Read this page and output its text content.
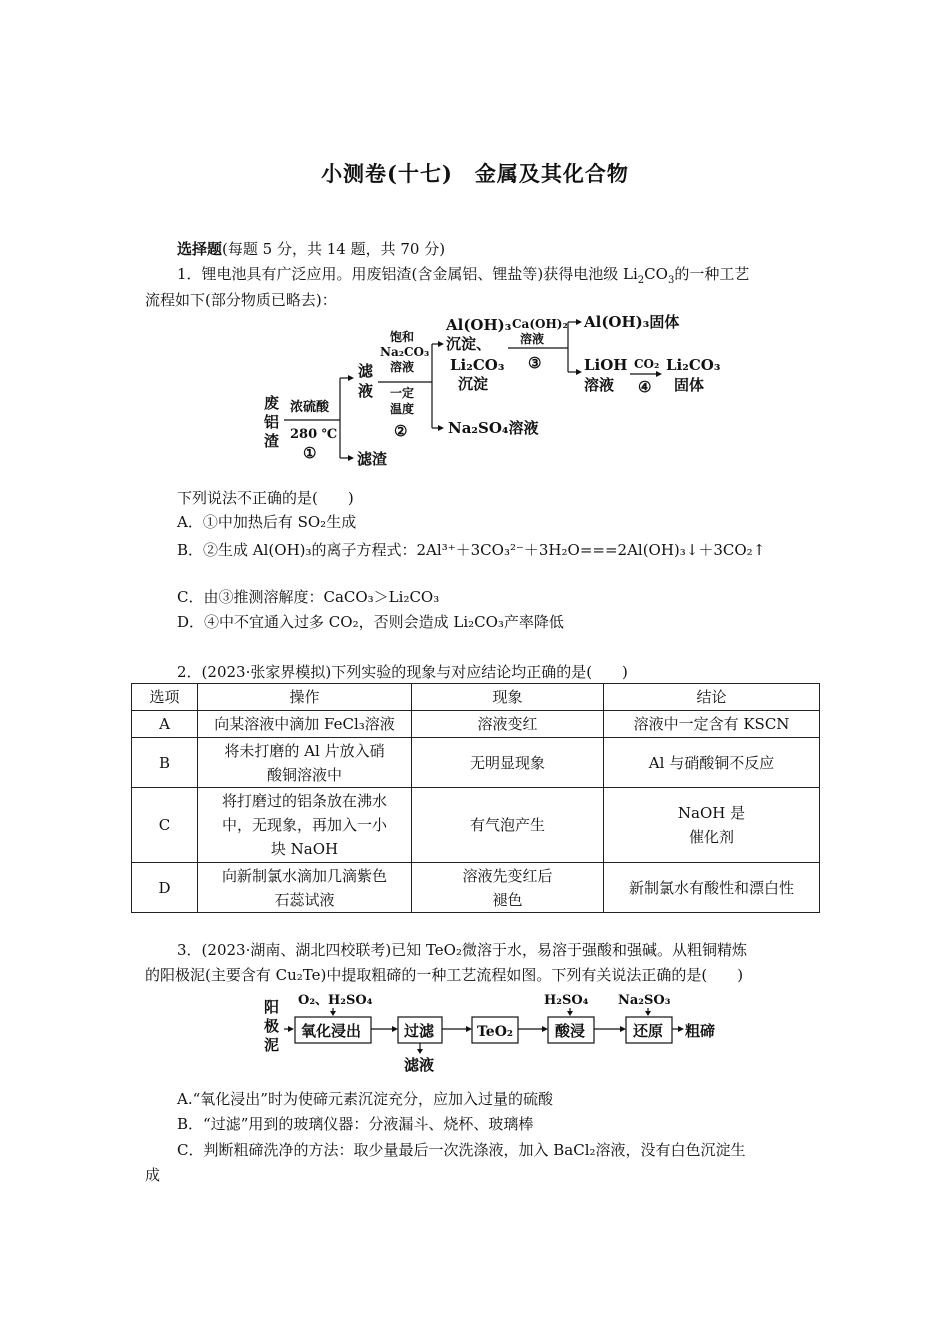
小测卷(十七)　金属及其化合物
选择题(每题 5 分，共 14 题，共 70 分)
1．锂电池具有广泛应用。用废铝渣(含金属铝、锂盐等)获得电池级 $Li_2CO_3$的一种工艺
流程如下(部分物质已略去)：
废
铝
渣
浓硫酸
280 ℃
①
滤
液
滤渣
饱和
Na₂CO₃
溶液
一定
温度
②
Al(OH)₃
沉淀、
Li₂CO₃
沉淀
Na₂SO₄溶液
Ca(OH)₂
溶液
③
Al(OH)₃固体
LiOH
溶液
Li₂CO₃
固体
CO₂
④
下列说法不正确的是(　　)
A．①中加热后有 SO₂生成
B．②生成 Al(OH)₃的离子方程式：2Al³⁺＋3CO₃²⁻＋3H₂O===2Al(OH)₃↓＋3CO₂↑
C．由③推测溶解度：CaCO₃＞Li₂CO₃
D．④中不宜通入过多 CO₂，否则会造成 Li₂CO₃产率降低
2．(2023·张家界模拟)下列实验的现象与对应结论均正确的是(　　)
选项	操作	现象	结论
A	向某溶液中滴加 FeCl₃溶液	溶液变红	溶液中一定含有 KSCN
B	将未打磨的 Al 片放入硝酸铜溶液中	无明显现象	Al 与硝酸铜不反应
C	将打磨过的铝条放在沸水中，无现象，再加入一小块 NaOH	有气泡产生	NaOH 是催化剂
D	向新制氯水滴加几滴紫色石蕊试液	溶液先变红后褪色	新制氯水有酸性和漂白性
3．(2023·湖南、湖北四校联考)已知 TeO₂微溶于水，易溶于强酸和强碱。从粗铜精炼
的阳极泥(主要含有 Cu₂Te)中提取粗碲的一种工艺流程如图。下列有关说法正确的是(　　)
阳
极
泥
O₂、H₂SO₄
氧化浸出	过滤
滤液
TeO₂
H₂SO₄
酸浸
Na₂SO₃
还原 粗碲
A.“氧化浸出”时为使碲元素沉淀充分，应加入过量的硫酸
B．“过滤”用到的玻璃仪器：分液漏斗、烧杯、玻璃棒
C．判断粗碲洗净的方法：取少量最后一次洗涤液，加入 BaCl₂溶液，没有白色沉淀生
成
